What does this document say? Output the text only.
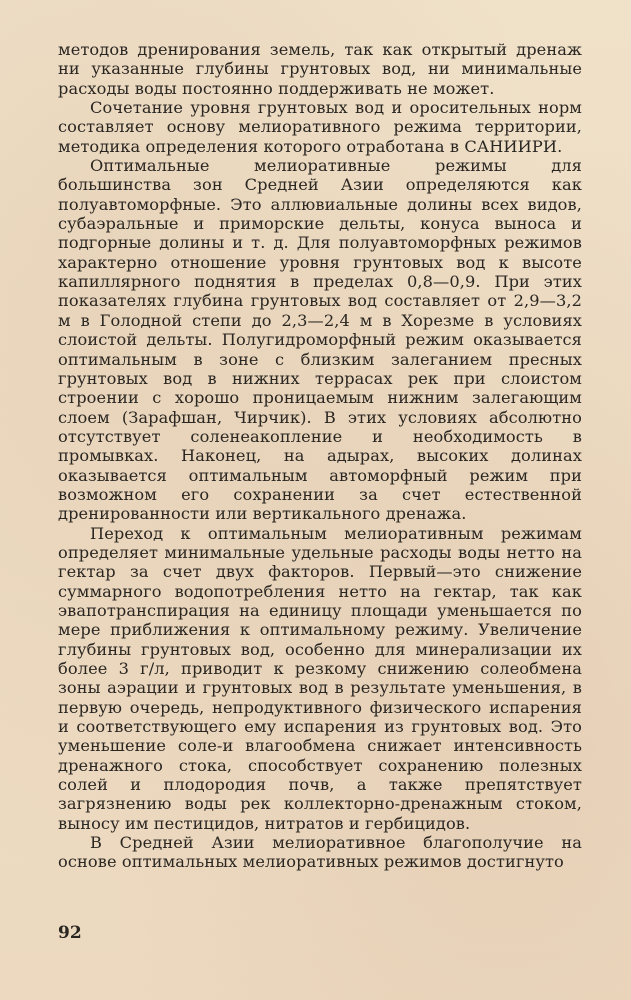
методов дренирования земель, так как открытый дренаж ни указанные глубины грунтовых вод, ни минимальные расходы воды постоянно поддерживать не может.

Сочетание уровня грунтовых вод и оросительных норм составляет основу мелиоративного режима территории, методика определения которого отработана в САНИИРИ.

Оптимальные мелиоративные режимы для большинства зон Средней Азии определяются как полуавтоморфные. Это аллювиальные долины всех видов, субаэральные и приморские дельты, конуса выноса и подгорные долины и т. д. Для полуавтоморфных режимов характерно отношение уровня грунтовых вод к высоте капиллярного поднятия в пределах 0,8—0,9. При этих показателях глубина грунтовых вод составляет от 2,9—3,2 м в Голодной степи до 2,3—2,4 м в Хорезме в условиях слоистой дельты. Полугидроморфный режим оказывается оптимальным в зоне с близким залеганием пресных грунтовых вод в нижних террасах рек при слоистом строении с хорошо проницаемым нижним залегающим слоем (Зарафшан, Чирчик). В этих условиях абсолютно отсутствует соленеакопление и необходимость в промывках. Наконец, на адырах, высоких долинах оказывается оптимальным автоморфный режим при возможном его сохранении за счет естественной дренированности или вертикального дренажа.

Переход к оптимальным мелиоративным режимам определяет минимальные удельные расходы воды нетто на гектар за счет двух факторов. Первый—это снижение суммарного водопотребления нетто на гектар, так как эвапотранспирация на единицу площади уменьшается по мере приближения к оптимальному режиму. Увеличение глубины грунтовых вод, особенно для минерализации их более 3 г/л, приводит к резкому снижению солеобмена зоны аэрации и грунтовых вод в результате уменьшения, в первую очередь, непродуктивного физического испарения и соответствующего ему испарения из грунтовых вод. Это уменьшение соле-и влагообмена снижает интенсивность дренажного стока, способствует сохранению полезных солей и плодородия почв, а также препятствует загрязнению воды рек коллекторно-дренажным стоком, выносу им пестицидов, нитратов и гербицидов.

В Средней Азии мелиоративное благополучие на основе оптимальных мелиоративных режимов достигнуто

92
